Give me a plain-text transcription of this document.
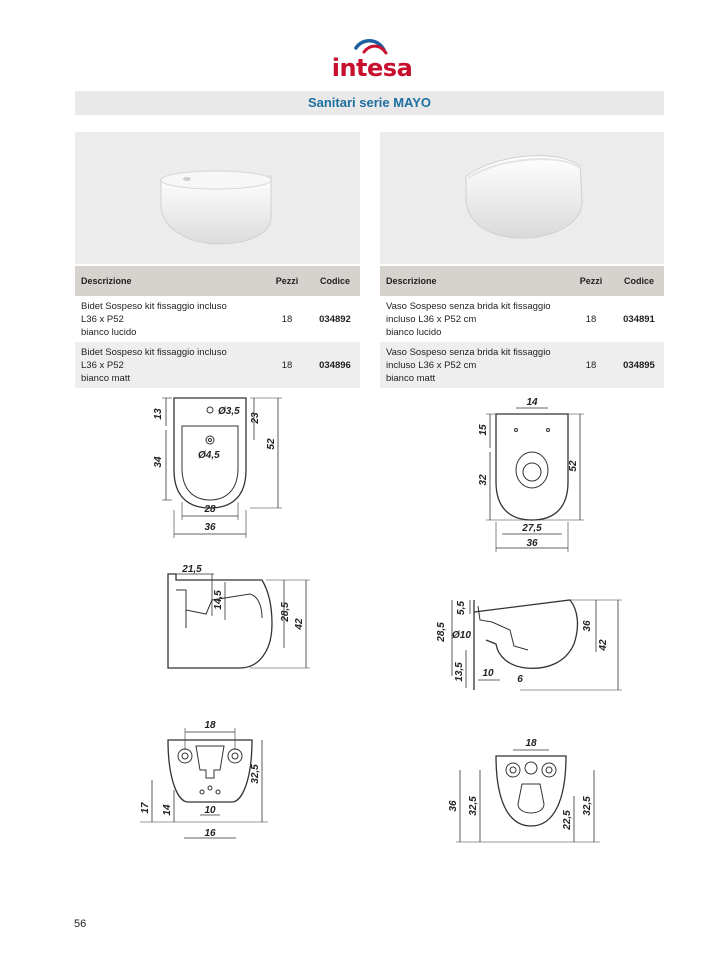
intesa
Sanitari serie MAYO
Descrizione	Pezzi	Codice

Bidet Sospeso kit fissaggio incluso
L36 x P52
bianco lucido	18	034892

Bidet Sospeso kit fissaggio incluso
L36 x P52
bianco matt	18	034896
Descrizione	Pezzi	Codice

Vaso Sospeso senza brida kit fissaggio
incluso L36 x P52 cm
bianco lucido	18	034891

Vaso Sospeso senza brida kit fissaggio
incluso L36 x P52 cm
bianco matt	18	034895
13	Ø3,5
23
52
34
Ø4,5
28
36
21,5
14,5
28,5
42
18
32,5
17 14	10
16
14
15
52
32
27,5
36
5,5
28,5 Ø10
36
42
13,5 10
6
18
36 32,5
22,5
32,5
56
